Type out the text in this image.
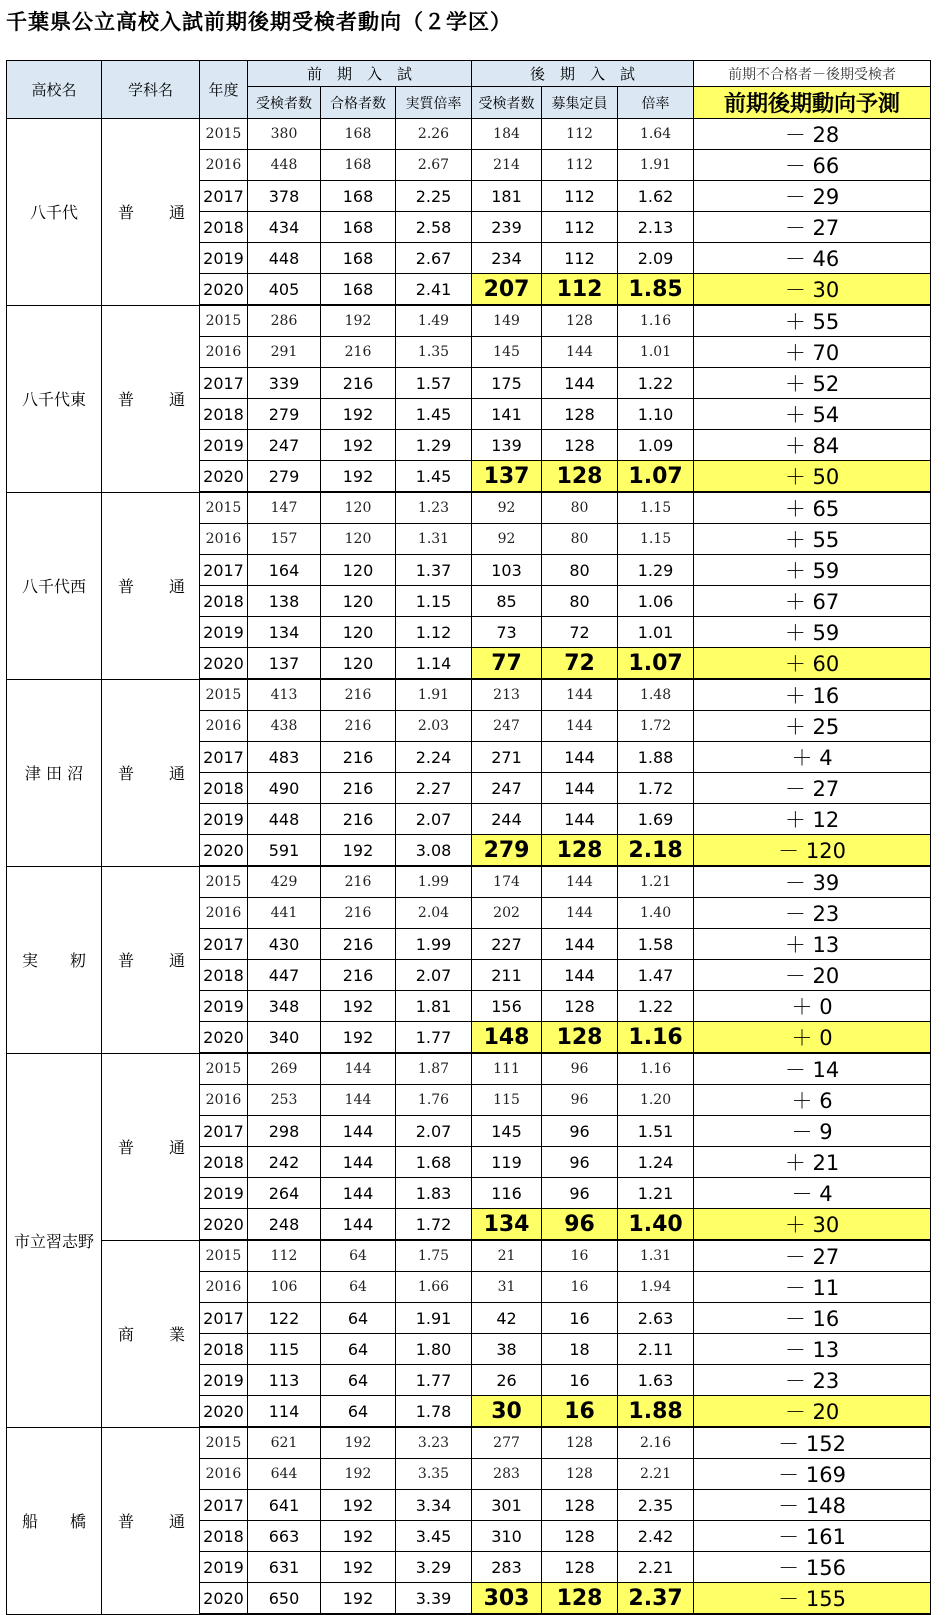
千葉県公立高校入試前期後期受検者動向（２学区）
高校名	学科名	年度	前　期　入　試			後　期　入　試			前期不合格者－後期受検者
			受検者数	合格者数	実質倍率	受検者数	募集定員	倍率	前期後期動向予測
八千代	普 通	2015	380	168	2.26	184	112	1.64	－ 28
		2016	448	168	2.67	214	112	1.91	－ 66
		2017	378	168	2.25	181	112	1.62	－ 29
		2018	434	168	2.58	239	112	2.13	－ 27
		2019	448	168	2.67	234	112	2.09	－ 46
		2020	405	168	2.41	207	112	1.85	－ 30
八千代東	普 通	2015	286	192	1.49	149	128	1.16	＋ 55
		2016	291	216	1.35	145	144	1.01	＋ 70
		2017	339	216	1.57	175	144	1.22	＋ 52
		2018	279	192	1.45	141	128	1.10	＋ 54
		2019	247	192	1.29	139	128	1.09	＋ 84
		2020	279	192	1.45	137	128	1.07	＋ 50
八千代西	普 通	2015	147	120	1.23	92	80	1.15	＋ 65
		2016	157	120	1.31	92	80	1.15	＋ 55
		2017	164	120	1.37	103	80	1.29	＋ 59
		2018	138	120	1.15	85	80	1.06	＋ 67
		2019	134	120	1.12	73	72	1.01	＋ 59
		2020	137	120	1.14	77	72	1.07	＋ 60
津 田 沼	普 通	2015	413	216	1.91	213	144	1.48	＋ 16
		2016	438	216	2.03	247	144	1.72	＋ 25
		2017	483	216	2.24	271	144	1.88	＋ 4
		2018	490	216	2.27	247	144	1.72	－ 27
		2019	448	216	2.07	244	144	1.69	＋ 12
		2020	591	192	3.08	279	128	2.18	－ 120
実　　籾	普 通	2015	429	216	1.99	174	144	1.21	－ 39
		2016	441	216	2.04	202	144	1.40	－ 23
		2017	430	216	1.99	227	144	1.58	＋ 13
		2018	447	216	2.07	211	144	1.47	－ 20
		2019	348	192	1.81	156	128	1.22	＋ 0
		2020	340	192	1.77	148	128	1.16	＋ 0
市立習志野	普 通	2015	269	144	1.87	111	96	1.16	－ 14
		2016	253	144	1.76	115	96	1.20	＋ 6
		2017	298	144	2.07	145	96	1.51	－ 9
		2018	242	144	1.68	119	96	1.24	＋ 21
		2019	264	144	1.83	116	96	1.21	－ 4
		2020	248	144	1.72	134	96	1.40	＋ 30

	商 業	2015	112	64	1.75	21	16	1.31	－ 27
		2016	106	64	1.66	31	16	1.94	－ 11
		2017	122	64	1.91	42	16	2.63	－ 16
		2018	115	64	1.80	38	18	2.11	－ 13
		2019	113	64	1.77	26	16	1.63	－ 23
		2020	114	64	1.78	30	16	1.88	－ 20
船　　橋	普 通	2015	621	192	3.23	277	128	2.16	－ 152
		2016	644	192	3.35	283	128	2.21	－ 169
		2017	641	192	3.34	301	128	2.35	－ 148
		2018	663	192	3.45	310	128	2.42	－ 161
		2019	631	192	3.29	283	128	2.21	－ 156
		2020	650	192	3.39	303	128	2.37	－ 155
